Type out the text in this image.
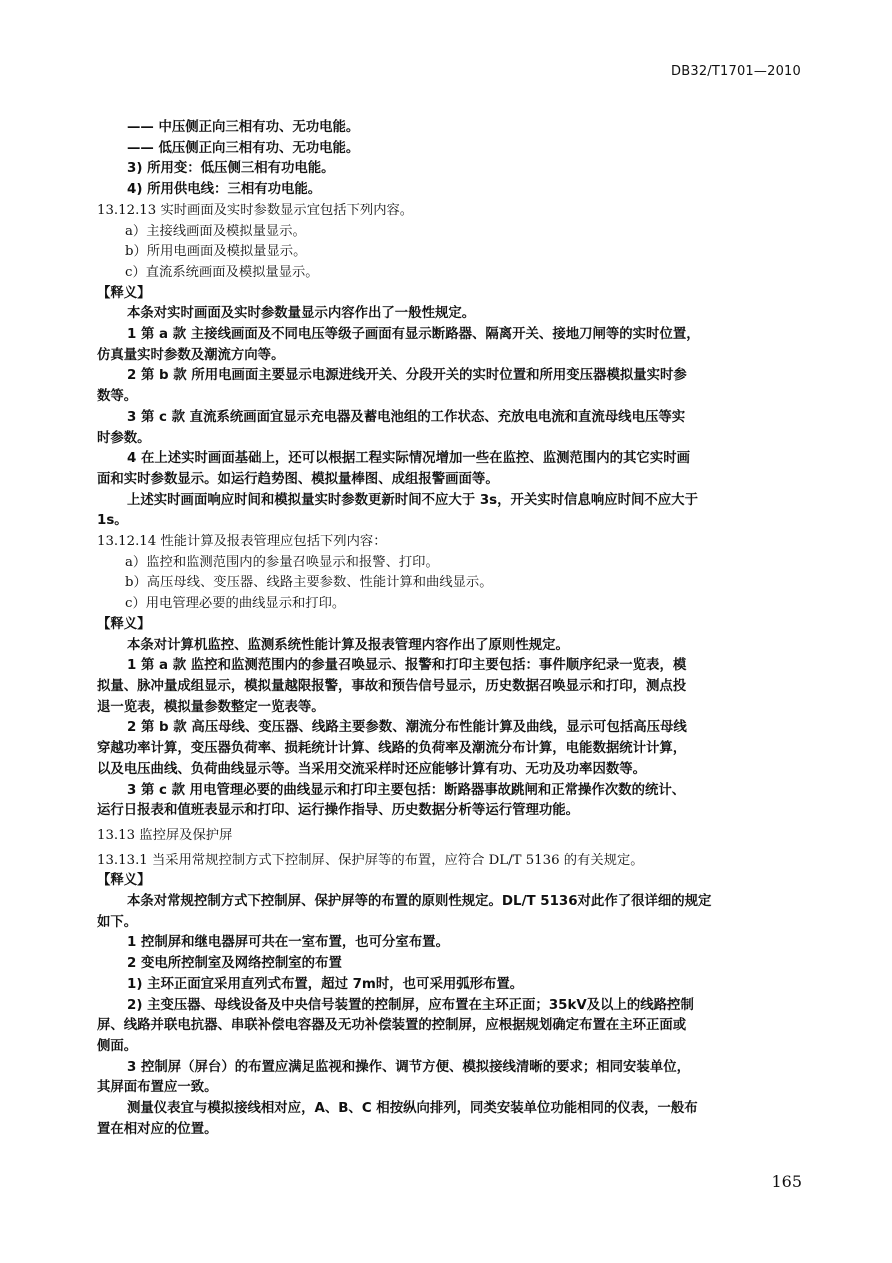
DB32/T1701—2010
—— 中压侧正向三相有功、无功电能。
—— 低压侧正向三相有功、无功电能。
3) 所用变：低压侧三相有功电能。
4) 所用供电线：三相有功电能。
13.12.13 实时画面及实时参数显示宜包括下列内容。
a）主接线画面及模拟量显示。
b）所用电画面及模拟量显示。
c）直流系统画面及模拟量显示。
【释义】
本条对实时画面及实时参数量显示内容作出了一般性规定。
1 第 a 款 主接线画面及不同电压等级子画面有显示断路器、隔离开关、接地刀闸等的实时位置，
仿真量实时参数及潮流方向等。
2 第 b 款 所用电画面主要显示电源进线开关、分段开关的实时位置和所用变压器模拟量实时参
数等。
3 第 c 款 直流系统画面宜显示充电器及蓄电池组的工作状态、充放电电流和直流母线电压等实
时参数。
4 在上述实时画面基础上，还可以根据工程实际情况增加一些在监控、监测范围内的其它实时画
面和实时参数显示。如运行趋势图、模拟量棒图、成组报警画面等。
上述实时画面响应时间和模拟量实时参数更新时间不应大于 3s，开关实时信息响应时间不应大于
1s。
13.12.14 性能计算及报表管理应包括下列内容：
a）监控和监测范围内的参量召唤显示和报警、打印。
b）高压母线、变压器、线路主要参数、性能计算和曲线显示。
c）用电管理必要的曲线显示和打印。
【释义】
本条对计算机监控、监测系统性能计算及报表管理内容作出了原则性规定。
1 第 a 款 监控和监测范围内的参量召唤显示、报警和打印主要包括：事件顺序纪录一览表，模
拟量、脉冲量成组显示，模拟量越限报警，事故和预告信号显示，历史数据召唤显示和打印，测点投
退一览表，模拟量参数整定一览表等。
2 第 b 款 高压母线、变压器、线路主要参数、潮流分布性能计算及曲线，显示可包括高压母线
穿越功率计算，变压器负荷率、损耗统计计算、线路的负荷率及潮流分布计算，电能数据统计计算，
以及电压曲线、负荷曲线显示等。当采用交流采样时还应能够计算有功、无功及功率因数等。
3 第 c 款 用电管理必要的曲线显示和打印主要包括：断路器事故跳闸和正常操作次数的统计、
运行日报表和值班表显示和打印、运行操作指导、历史数据分析等运行管理功能。
13.13 监控屏及保护屏
13.13.1 当采用常规控制方式下控制屏、保护屏等的布置，应符合 DL/T 5136 的有关规定。
【释义】
本条对常规控制方式下控制屏、保护屏等的布置的原则性规定。DL/T 5136对此作了很详细的规定
如下。
1 控制屏和继电器屏可共在一室布置，也可分室布置。
2 变电所控制室及网络控制室的布置
1) 主环正面宜采用直列式布置，超过 7m时，也可采用弧形布置。
2) 主变压器、母线设备及中央信号装置的控制屏，应布置在主环正面；35kV及以上的线路控制
屏、线路并联电抗器、串联补偿电容器及无功补偿装置的控制屏，应根据规划确定布置在主环正面或
侧面。
3 控制屏（屏台）的布置应满足监视和操作、调节方便、模拟接线清晰的要求；相同安装单位，
其屏面布置应一致。
测量仪表宜与模拟接线相对应，A、B、C 相按纵向排列，同类安装单位功能相同的仪表，一般布
置在相对应的位置。
165
